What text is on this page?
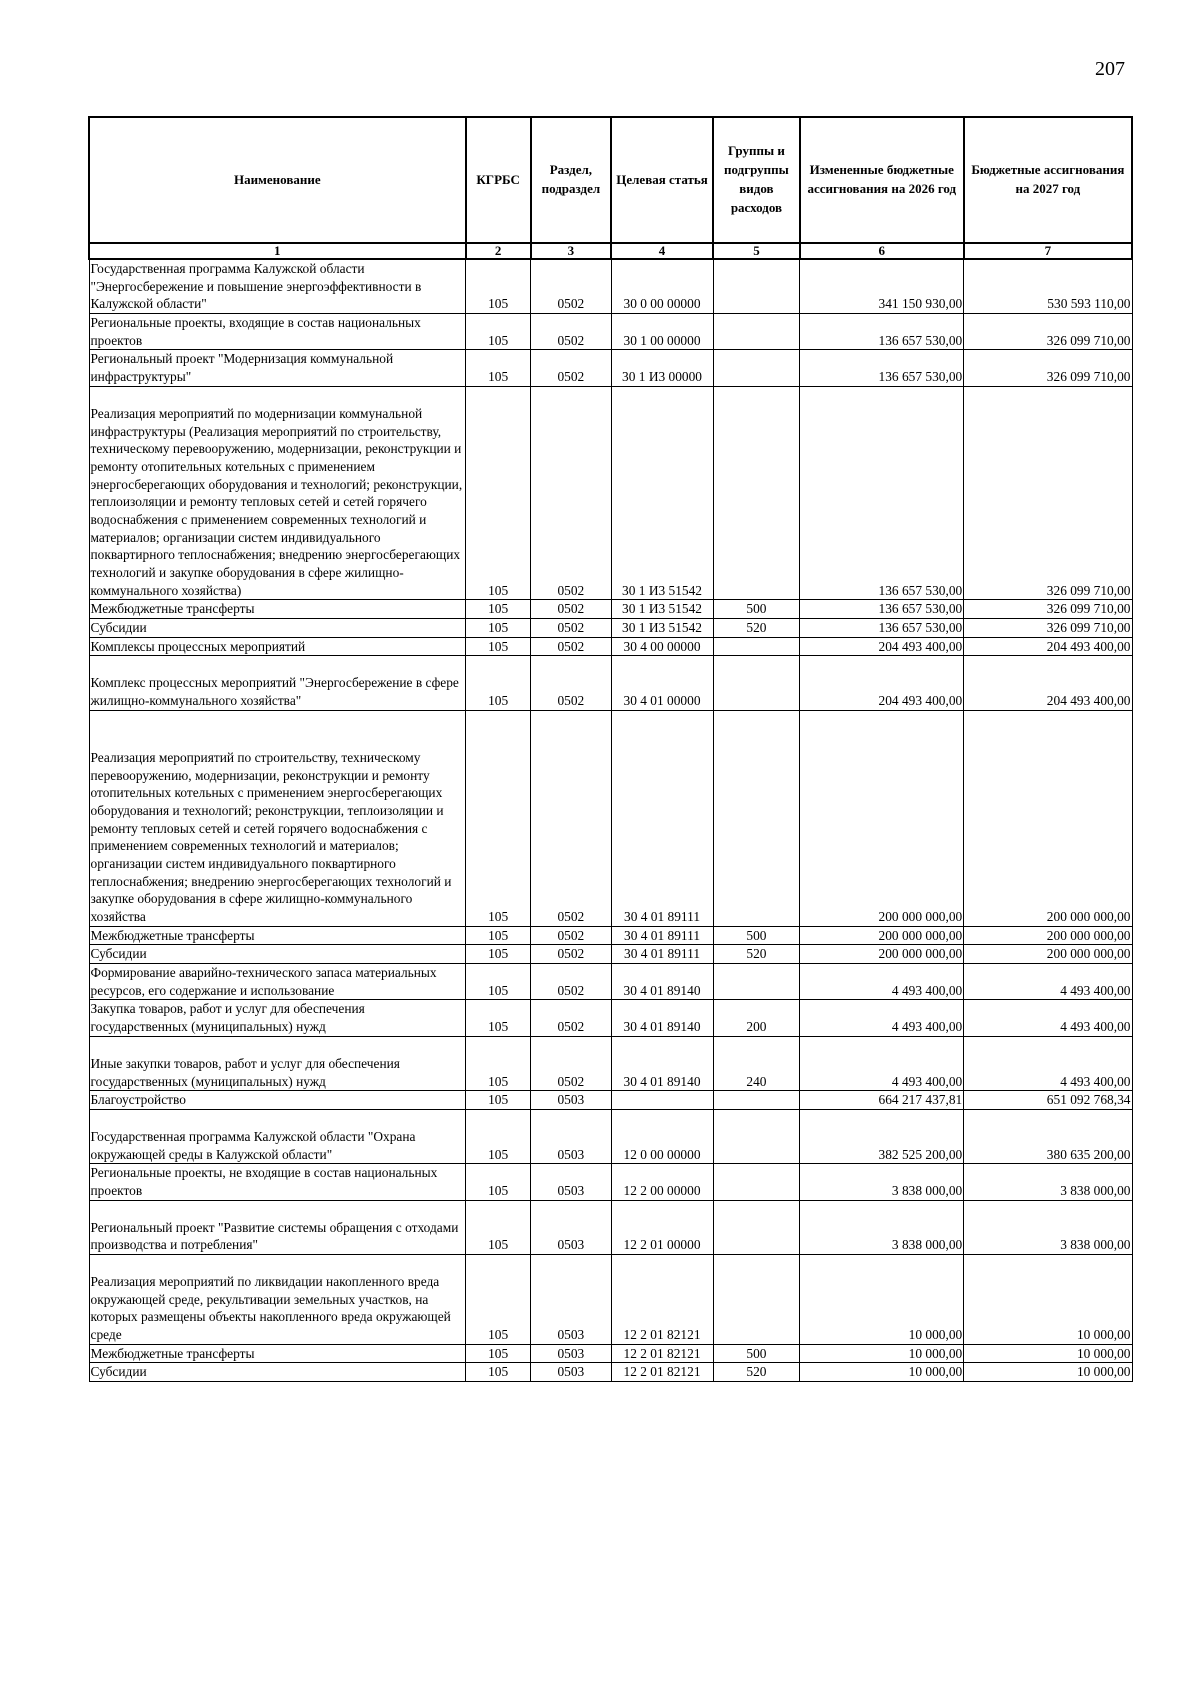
207
Наименование	КГРБС	Раздел, подраздел	Целевая статья	Группы и подгруппы видов расходов	Измененные бюджетные ассигнования на 2026 год	Бюджетные ассигнования на 2027 год
1	2	3	4	5	6	7
Государственная программа Калужской области "Энергосбережение и повышение энергоэффективности в Калужской области"	105	0502	30 0 00 00000		341 150 930,00	530 593 110,00
Региональные проекты, входящие в состав национальных проектов	105	0502	30 1 00 00000		136 657 530,00	326 099 710,00
Региональный проект "Модернизация коммунальной инфраструктуры"	105	0502	30 1 И3 00000		136 657 530,00	326 099 710,00
Реализация мероприятий по модернизации коммунальной инфраструктуры (Реализация мероприятий по строительству, техническому перевооружению, модернизации, реконструкции и ремонту отопительных котельных с применением энергосберегающих оборудования и технологий; реконструкции, теплоизоляции и ремонту тепловых сетей и сетей горячего водоснабжения с применением современных технологий и материалов; организации систем индивидуального поквартирного теплоснабжения; внедрению энергосберегающих технологий и закупке оборудования в сфере жилищно-коммунального хозяйства)	105	0502	30 1 И3 51542		136 657 530,00	326 099 710,00
Межбюджетные трансферты	105	0502	30 1 И3 51542	500	136 657 530,00	326 099 710,00
Субсидии	105	0502	30 1 И3 51542	520	136 657 530,00	326 099 710,00
Комплексы процессных мероприятий	105	0502	30 4 00 00000		204 493 400,00	204 493 400,00
Комплекс процессных мероприятий "Энергосбережение в сфере жилищно-коммунального хозяйства"	105	0502	30 4 01 00000		204 493 400,00	204 493 400,00
Реализация мероприятий по строительству, техническому перевооружению, модернизации, реконструкции и ремонту отопительных котельных с применением энергосберегающих оборудования и технологий; реконструкции, теплоизоляции и ремонту тепловых сетей и сетей горячего водоснабжения с применением современных технологий и материалов; организации систем индивидуального поквартирного теплоснабжения; внедрению энергосберегающих технологий и закупке оборудования в сфере жилищно-коммунального хозяйства	105	0502	30 4 01 89111		200 000 000,00	200 000 000,00
Межбюджетные трансферты	105	0502	30 4 01 89111	500	200 000 000,00	200 000 000,00
Субсидии	105	0502	30 4 01 89111	520	200 000 000,00	200 000 000,00
Формирование аварийно-технического запаса материальных ресурсов, его содержание и использование	105	0502	30 4 01 89140		4 493 400,00	4 493 400,00
Закупка товаров, работ и услуг для обеспечения государственных (муниципальных) нужд	105	0502	30 4 01 89140	200	4 493 400,00	4 493 400,00
Иные закупки товаров, работ и услуг для обеспечения государственных (муниципальных) нужд	105	0502	30 4 01 89140	240	4 493 400,00	4 493 400,00
Благоустройство	105	0503			664 217 437,81	651 092 768,34
Государственная программа Калужской области "Охрана окружающей среды в Калужской области"	105	0503	12 0 00 00000		382 525 200,00	380 635 200,00
Региональные проекты, не входящие в состав национальных проектов	105	0503	12 2 00 00000		3 838 000,00	3 838 000,00
Региональный проект "Развитие системы обращения с отходами производства и потребления"	105	0503	12 2 01 00000		3 838 000,00	3 838 000,00
Реализация мероприятий по ликвидации накопленного вреда окружающей среде, рекультивации земельных участков, на которых размещены объекты накопленного вреда окружающей среде	105	0503	12 2 01 82121		10 000,00	10 000,00
Межбюджетные трансферты	105	0503	12 2 01 82121	500	10 000,00	10 000,00
Субсидии	105	0503	12 2 01 82121	520	10 000,00	10 000,00
